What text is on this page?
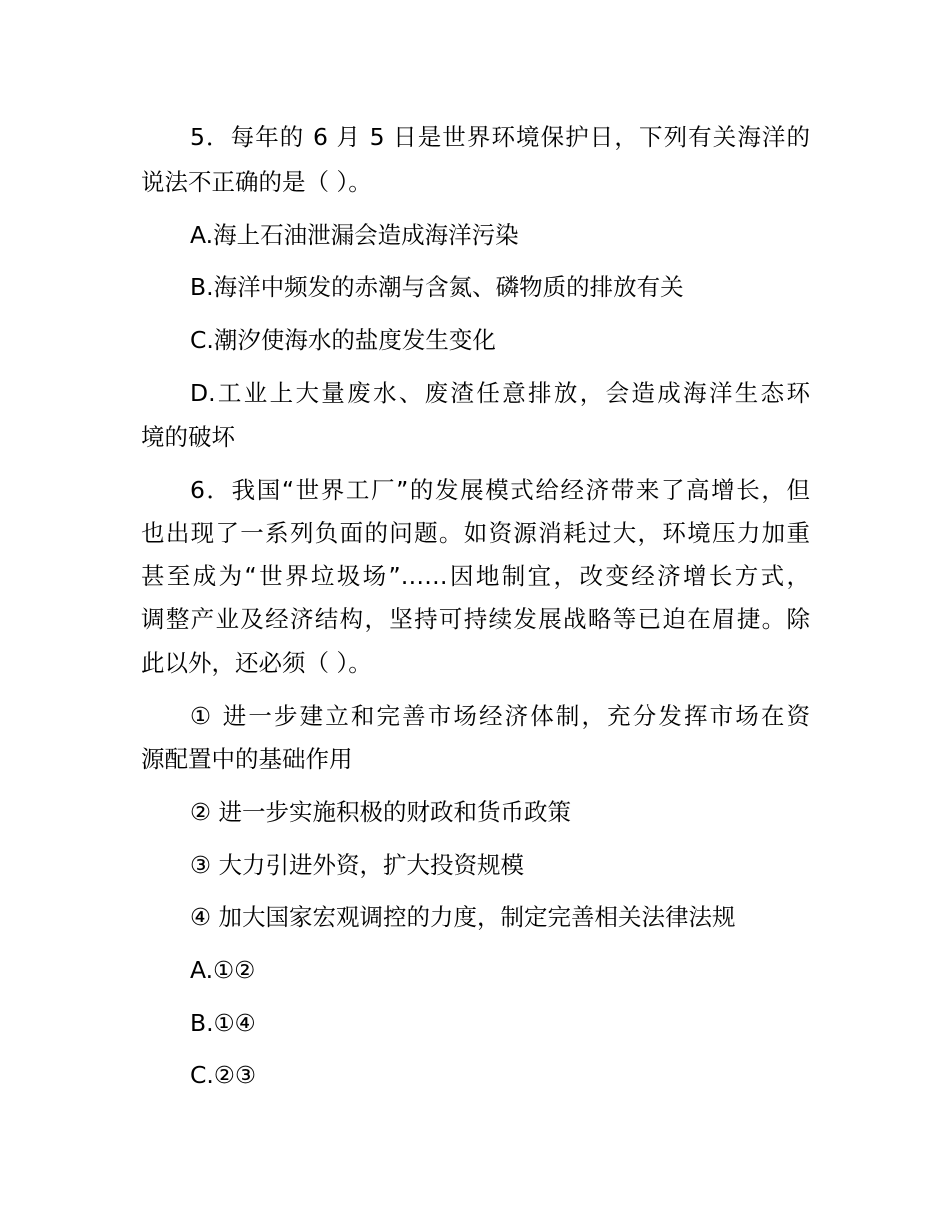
5．每年的 6 月 5 日是世界环境保护日，下列有关海洋的

说法不正确的是（ ）。

A.海上石油泄漏会造成海洋污染

B.海洋中频发的赤潮与含氮、磷物质的排放有关

C.潮汐使海水的盐度发生变化

D.工业上大量废水、废渣任意排放，会造成海洋生态环

境的破坏

6．我国“世界工厂”的发展模式给经济带来了高增长，但

也出现了一系列负面的问题。如资源消耗过大，环境压力加重

甚至成为“世界垃圾场”……因地制宜，改变经济增长方式，

调整产业及经济结构，坚持可持续发展战略等已迫在眉捷。除

此以外，还必须（ ）。

① 进一步建立和完善市场经济体制，充分发挥市场在资

源配置中的基础作用

② 进一步实施积极的财政和货币政策

③ 大力引进外资，扩大投资规模

④ 加大国家宏观调控的力度，制定完善相关法律法规

A.①②

B.①④

C.②③
